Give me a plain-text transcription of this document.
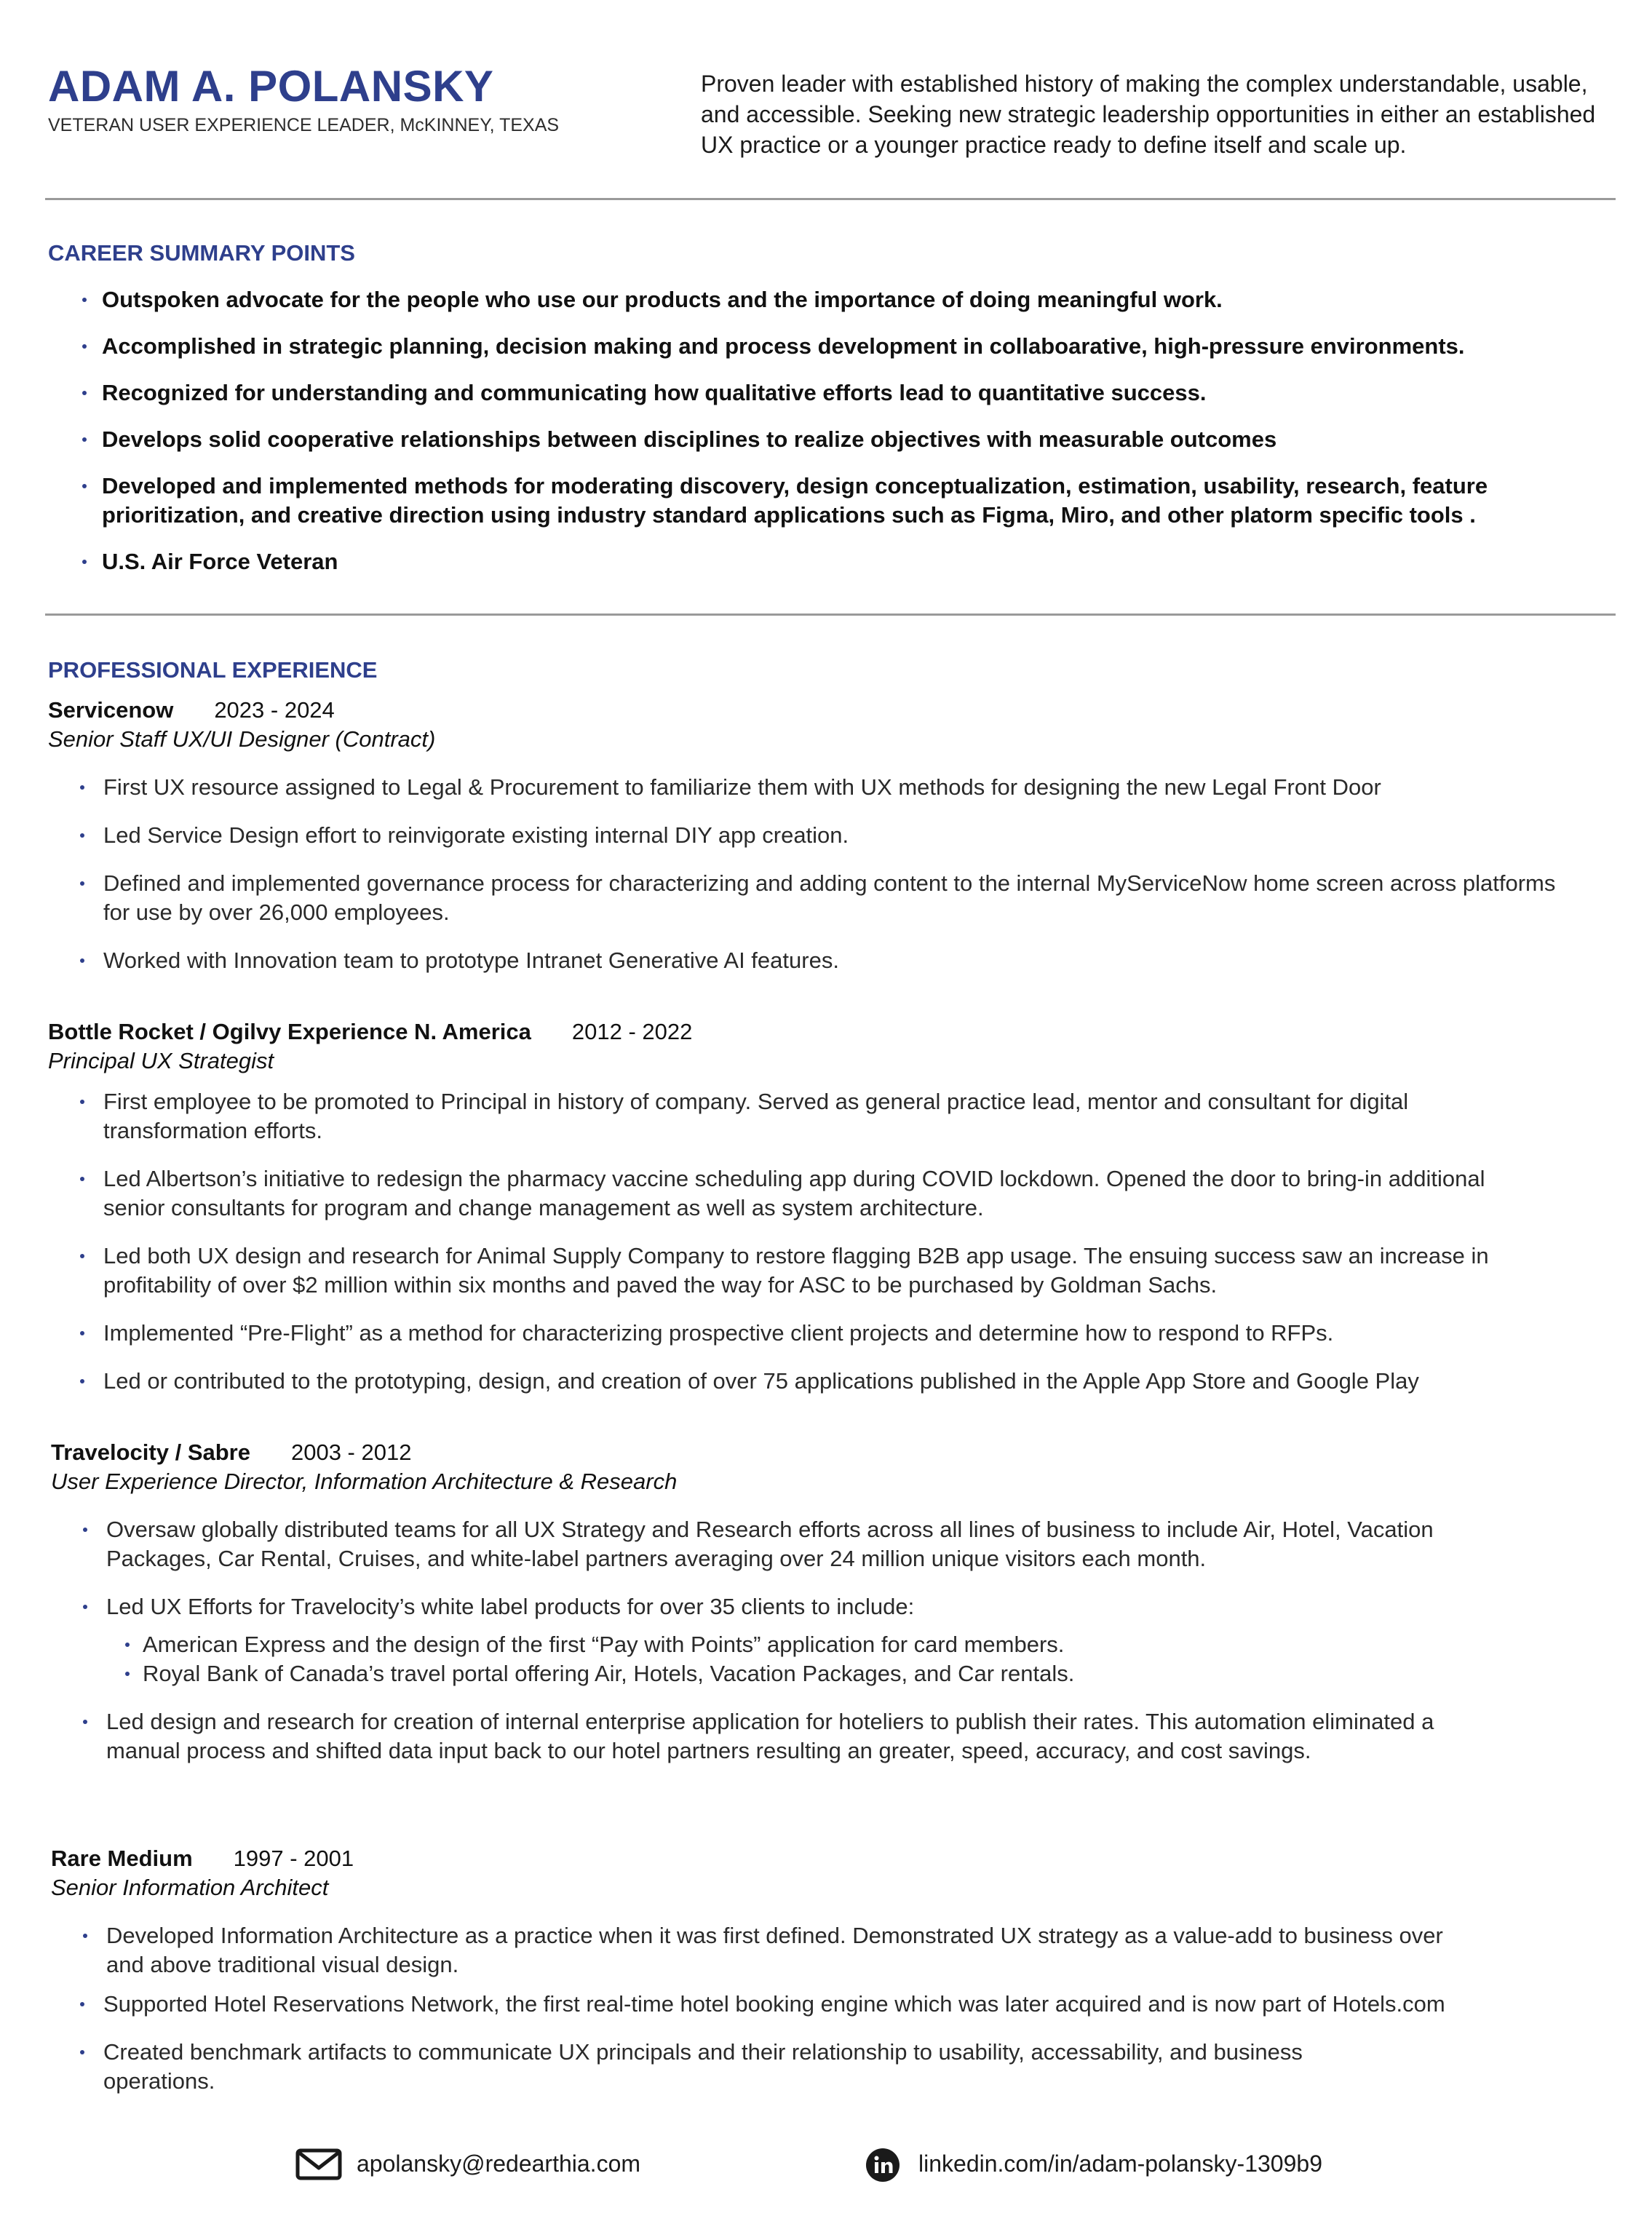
ADAM A. POLANSKY
VETERAN USER EXPERIENCE LEADER, McKINNEY, TEXAS
Proven leader with established history of making the complex understandable, usable, and accessible. Seeking new strategic leadership opportunities in either an established UX practice or a younger practice ready to define itself and scale up.
CAREER SUMMARY POINTS
Outspoken advocate for the people who use our products and the importance of doing meaningful work.
Accomplished in strategic planning, decision making and process development in collaboarative, high-pressure environments.
Recognized for understanding and communicating how qualitative efforts lead to quantitative success.
Develops solid cooperative relationships between disciplines to realize objectives with measurable outcomes
Developed and implemented methods for moderating discovery, design conceptualization, estimation, usability, research, feature prioritization, and creative direction using industry standard applications such as Figma, Miro, and other platorm specific tools .
U.S. Air Force Veteran
PROFESSIONAL EXPERIENCE
Servicenow 2023 - 2024
Senior Staff UX/UI Designer (Contract)
First UX resource assigned to Legal & Procurement to familiarize them with UX methods for designing the new Legal Front Door
Led Service Design effort to reinvigorate existing internal DIY app creation.
Defined and implemented governance process for characterizing and adding content to the internal MyServiceNow home screen across platforms for use by over 26,000 employees.
Worked with Innovation team to prototype Intranet Generative AI features.
Bottle Rocket / Ogilvy Experience N. America 2012 - 2022
Principal UX Strategist
First employee to be promoted to Principal in history of company. Served as general practice lead, mentor and consultant for digital transformation efforts.
Led Albertson’s initiative to redesign the pharmacy vaccine scheduling app during COVID lockdown. Opened the door to bring-in additional senior consultants for program and change management as well as system architecture.
Led both UX design and research for Animal Supply Company to restore flagging B2B app usage. The ensuing success saw an increase in profitability of over $2 million within six months and paved the way for ASC to be purchased by Goldman Sachs.
Implemented “Pre-Flight” as a method for characterizing prospective client projects and determine how to respond to RFPs.
Led or contributed to the prototyping, design, and creation of over 75 applications published in the Apple App Store and Google Play
Travelocity / Sabre 2003 - 2012
User Experience Director, Information Architecture & Research
Oversaw globally distributed teams for all UX Strategy and Research efforts across all lines of business to include Air, Hotel, Vacation Packages, Car Rental, Cruises, and white-label partners averaging over 24 million unique visitors each month.
Led UX Efforts for Travelocity’s white label products for over 35 clients to include:
American Express and the design of the first “Pay with Points” application for card members.
Royal Bank of Canada’s travel portal offering Air, Hotels, Vacation Packages, and Car rentals.
Led design and research for creation of internal enterprise application for hoteliers to publish their rates. This automation eliminated a manual process and shifted data input back to our hotel partners resulting an greater, speed, accuracy, and cost savings.
Rare Medium 1997 - 2001
Senior Information Architect
Developed Information Architecture as a practice when it was first defined. Demonstrated UX strategy as a value-add to business over and above traditional visual design.
Supported Hotel Reservations Network, the first real-time hotel booking engine which was later acquired and is now part of Hotels.com
Created benchmark artifacts to communicate UX principals and their relationship to usability, accessability, and business operations.
apolansky@redearthia.com	linkedin.com/in/adam-polansky-1309b9
